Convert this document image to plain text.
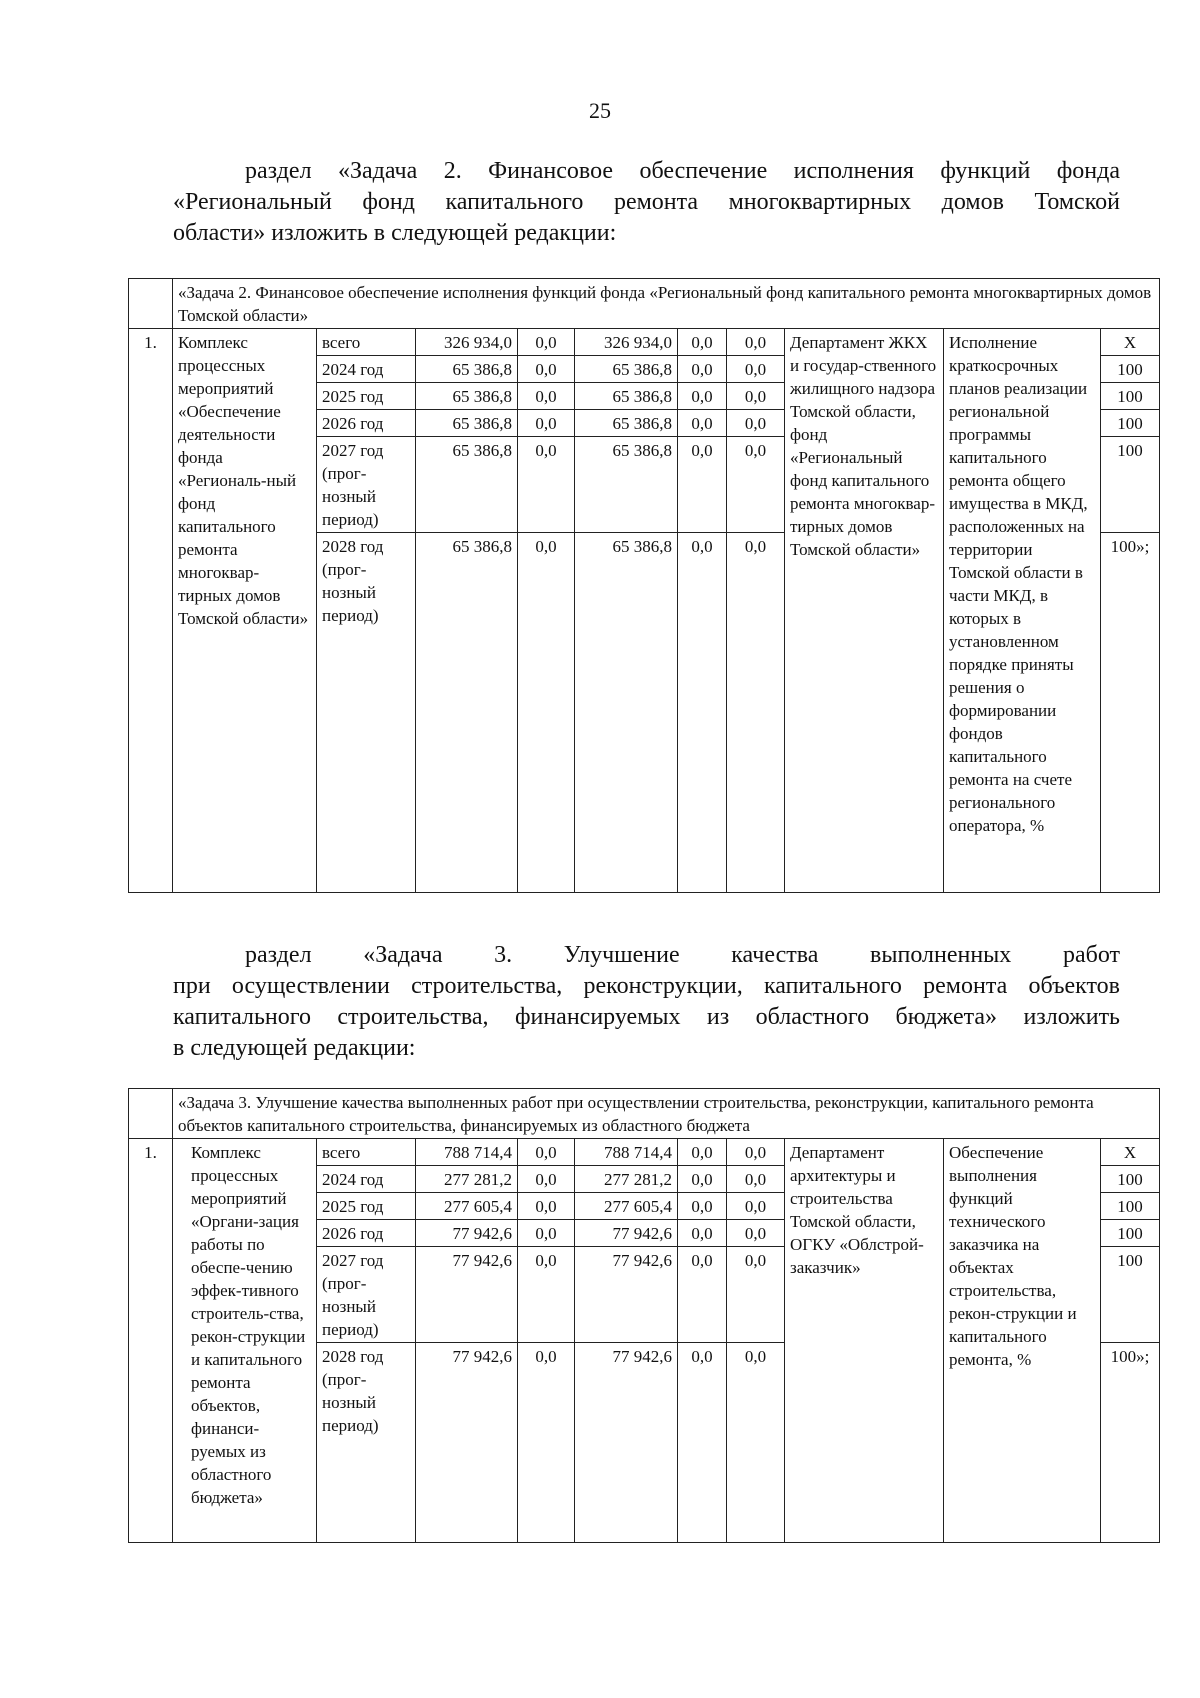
25
раздел «Задача 2. Финансовое обеспечение исполнения функций фонда
«Региональный фонд капитального ремонта многоквартирных домов Томской
области» изложить в следующей редакции:
	«Задача 2. Финансовое обеспечение исполнения функций фонда «Региональный фонд капитального ремонта многоквартирных домов Томской области»									
1.	Комплекс процессных мероприятий «Обеспечение деятельности фонда «Региональ-ный фонд капитального ремонта многоквар-тирных домов Томской области»	всего	326 934,0	0,0	326 934,0	0,0	0,0	Департамент ЖКХ и государ-ственного жилищного надзора Томской области, фонд «Региональный фонд капитального ремонта многоквар-тирных домов Томской области»	Исполнение краткосрочных планов реализации региональной программы капитального ремонта общего имущества в МКД, расположенных на территории Томской области в части МКД, в которых в установленном порядке приняты решения о формировании фондов капитального ремонта на счете регионального оператора, %	Х
		2024 год	65 386,8	0,0	65 386,8	0,0	0,0			100
		2025 год	65 386,8	0,0	65 386,8	0,0	0,0			100
		2026 год	65 386,8	0,0	65 386,8	0,0	0,0			100
		2027 год (прог-нозный период)	65 386,8	0,0	65 386,8	0,0	0,0			100
		2028 год (прог-нозный период)	65 386,8	0,0	65 386,8	0,0	0,0			100»;
раздел «Задача 3. Улучшение качества выполненных работ
при осуществлении строительства, реконструкции, капитального ремонта объектов
капитального строительства, финансируемых из областного бюджета» изложить
в следующей редакции:
	«Задача 3. Улучшение качества выполненных работ при осуществлении строительства, реконструкции, капитального ремонта объектов капитального строительства, финансируемых из областного бюджета									
1.	Комплекс процессных мероприятий «Органи-зация работы по обеспе-чению эффек-тивного строитель-ства, рекон-струкции и капитального ремонта объектов, финанси-руемых из областного бюджета»	всего	788 714,4	0,0	788 714,4	0,0	0,0	Департамент архитектуры и строительства Томской области, ОГКУ «Облстрой-заказчик»	Обеспечение выполнения функций технического заказчика на объектах строительства, рекон-струкции и капитального ремонта, %	Х
		2024 год	277 281,2	0,0	277 281,2	0,0	0,0			100
		2025 год	277 605,4	0,0	277 605,4	0,0	0,0			100
		2026 год	77 942,6	0,0	77 942,6	0,0	0,0			100
		2027 год (прог-нозный период)	77 942,6	0,0	77 942,6	0,0	0,0			100
		2028 год (прог-нозный период)	77 942,6	0,0	77 942,6	0,0	0,0			100»;
